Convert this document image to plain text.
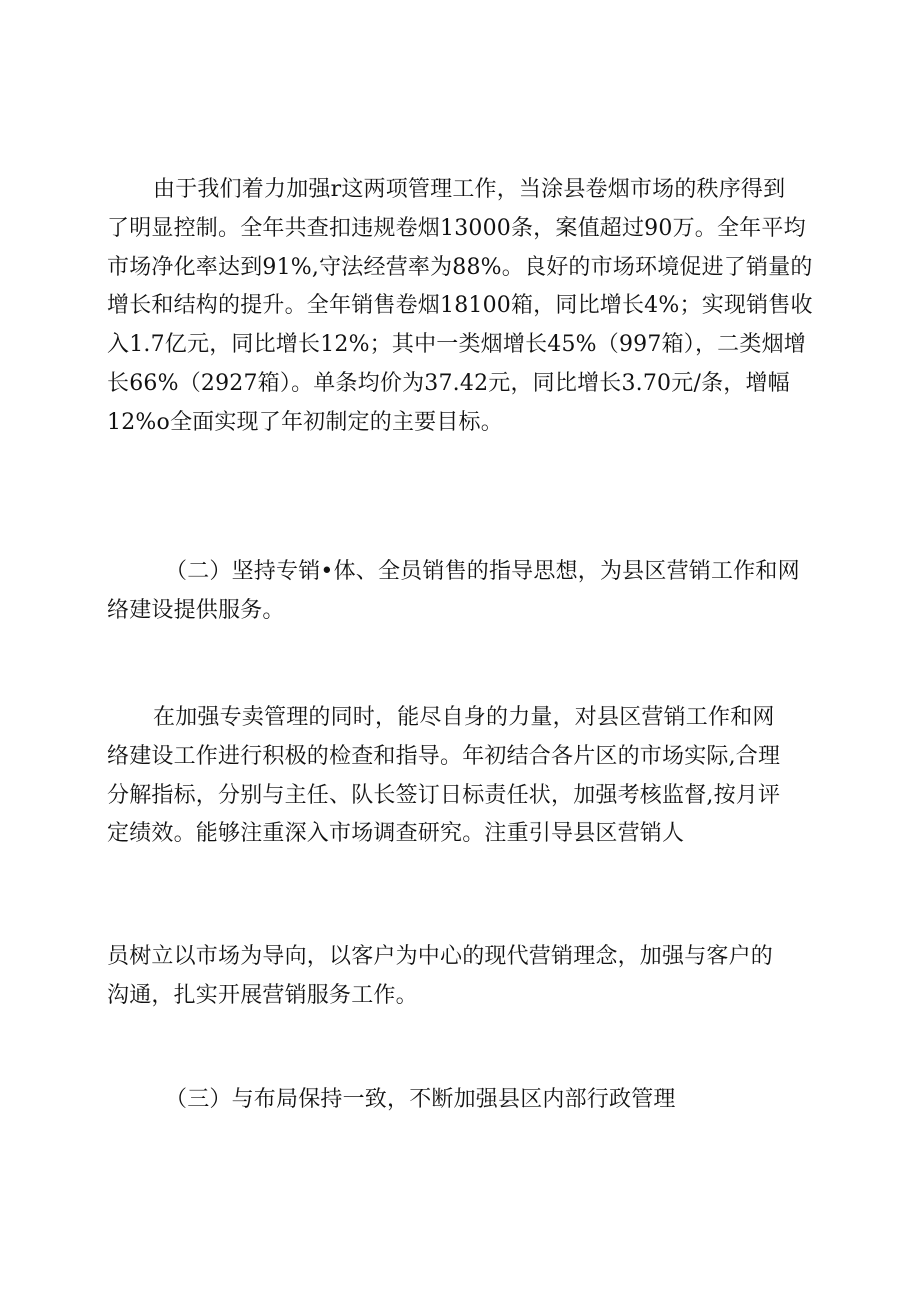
由于我们着力加强r这两项管理工作，当涂县卷烟市场的秩序得到
了明显控制。全年共查扣违规卷烟13000条，案值超过90万。全年平均
市场净化率达到91%,守法经营率为88%。良好的市场环境促进了销量的
增长和结构的提升。全年销售卷烟18100箱，同比增长4%；实现销售收
入1.7亿元，同比增长12%；其中一类烟增长45%（997箱），二类烟增
长66%（2927箱）。单条均价为37.42元，同比增长3.70元/条，增幅
12%o全面实现了年初制定的主要目标。
（二）坚持专销•体、全员销售的指导思想，为县区营销工作和网
络建设提供服务。
在加强专卖管理的同时，能尽自身的力量，对县区营销工作和网
络建设工作进行积极的检查和指导。年初结合各片区的市场实际,合理
分解指标，分别与主任、队长签订日标责任状，加强考核监督,按月评
定绩效。能够注重深入市场调查研究。注重引导县区营销人
员树立以市场为导向，以客户为中心的现代营销理念，加强与客户的
沟通，扎实开展营销服务工作。
（三）与布局保持一致，不断加强县区内部行政管理
